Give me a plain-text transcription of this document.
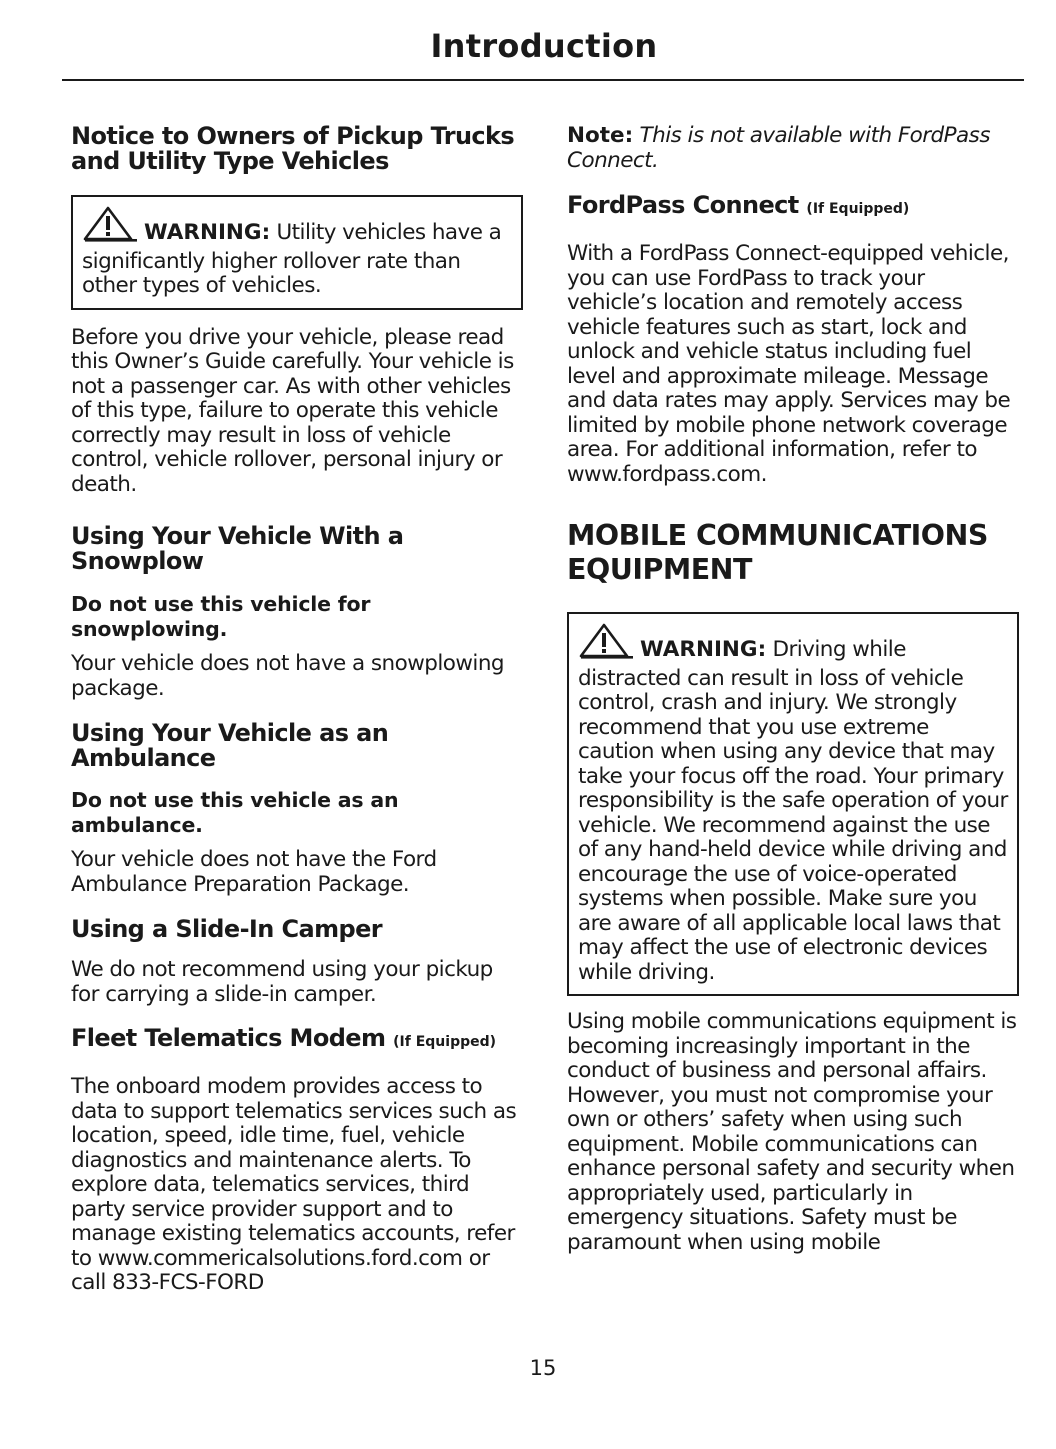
Introduction
Notice to Owners of Pickup Trucks and Utility Type Vehicles

WARNING: Utility vehicles have a significantly higher rollover rate than other types of vehicles.

Before you drive your vehicle, please read this Owner’s Guide carefully. Your vehicle is not a passenger car. As with other vehicles of this type, failure to operate this vehicle correctly may result in loss of vehicle control, vehicle rollover, personal injury or death.

Using Your Vehicle With a Snowplow
Do not use this vehicle for snowplowing.

Your vehicle does not have a snowplowing package.

Using Your Vehicle as an Ambulance
Do not use this vehicle as an ambulance.

Your vehicle does not have the Ford Ambulance Preparation Package.

Using a Slide-In Camper

We do not recommend using your pickup for carrying a slide-in camper.

Fleet Telematics Modem (If Equipped)

The onboard modem provides access to data to support telematics services such as location, speed, idle time, fuel, vehicle diagnostics and maintenance alerts. To explore data, telematics services, third party service provider support and to manage existing telematics accounts, refer to www.commericalsolutions.ford.com or call 833-FCS-FORD

Note: This is not available with FordPass Connect.

FordPass Connect (If Equipped)

With a FordPass Connect-equipped vehicle, you can use FordPass to track your vehicle’s location and remotely access vehicle features such as start, lock and unlock and vehicle status including fuel level and approximate mileage. Message and data rates may apply. Services may be limited by mobile phone network coverage area. For additional information, refer to www.fordpass.com.

MOBILE COMMUNICATIONS EQUIPMENT

WARNING: Driving while distracted can result in loss of vehicle control, crash and injury. We strongly recommend that you use extreme caution when using any device that may take your focus off the road. Your primary responsibility is the safe operation of your vehicle. We recommend against the use of any hand-held device while driving and encourage the use of voice-operated systems when possible. Make sure you are aware of all applicable local laws that may affect the use of electronic devices while driving.

Using mobile communications equipment is becoming increasingly important in the conduct of business and personal affairs. However, you must not compromise your own or others’ safety when using such equipment. Mobile communications can enhance personal safety and security when appropriately used, particularly in emergency situations. Safety must be paramount when using mobile

15
